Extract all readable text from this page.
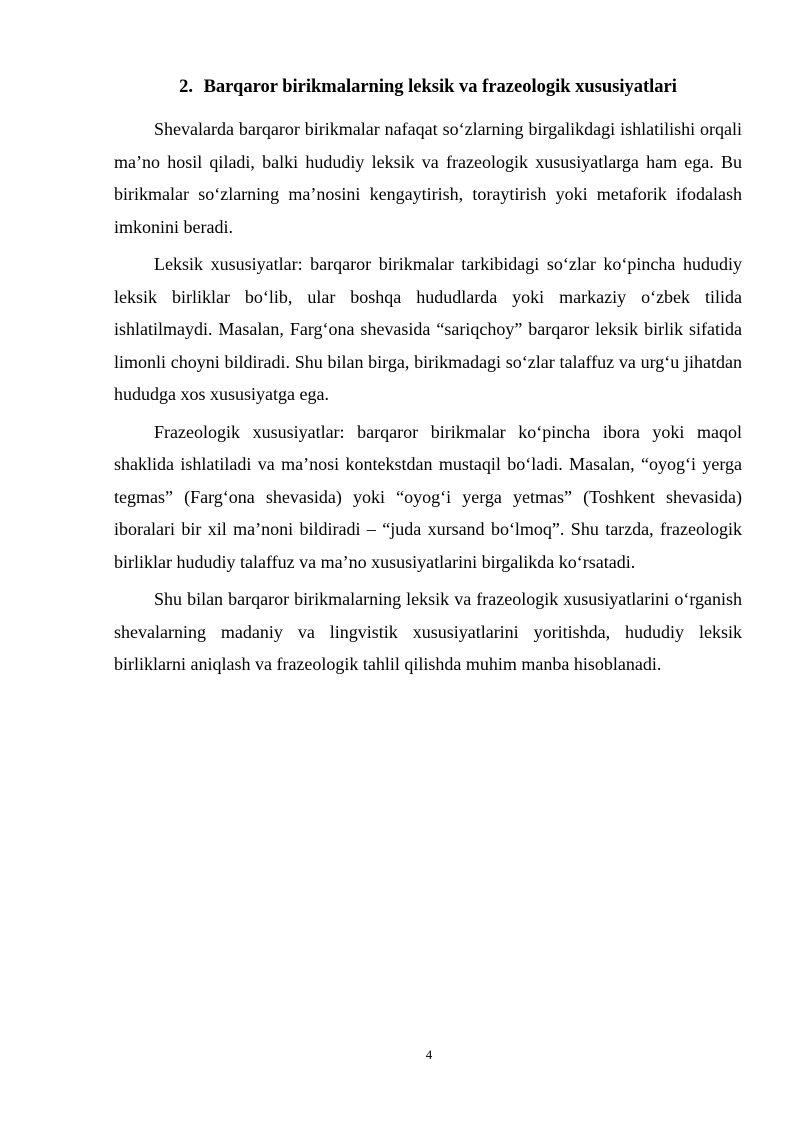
2. Barqaror birikmalarning leksik va frazeologik xususiyatlari

Shevalarda barqaror birikmalar nafaqat so‘zlarning birgalikdagi ishlatilishi orqali ma’no hosil qiladi, balki hududiy leksik va frazeologik xususiyatlarga ham ega. Bu birikmalar so‘zlarning ma’nosini kengaytirish, toraytirish yoki metaforik ifodalash imkonini beradi.

Leksik xususiyatlar: barqaror birikmalar tarkibidagi so‘zlar ko‘pincha hududiy leksik birliklar bo‘lib, ular boshqa hududlarda yoki markaziy o‘zbek tilida ishlatilmaydi. Masalan, Farg‘ona shevasida “sariqchoy” barqaror leksik birlik sifatida limonli choyni bildiradi. Shu bilan birga, birikmadagi so‘zlar talaffuz va urg‘u jihatdan hududga xos xususiyatga ega.

Frazeologik xususiyatlar: barqaror birikmalar ko‘pincha ibora yoki maqol shaklida ishlatiladi va ma’nosi kontekstdan mustaqil bo‘ladi. Masalan, “oyog‘i yerga tegmas” (Farg‘ona shevasida) yoki “oyog‘i yerga yetmas” (Toshkent shevasida) iboralari bir xil ma’noni bildiradi – “juda xursand bo‘lmoq”. Shu tarzda, frazeologik birliklar hududiy talaffuz va ma’no xususiyatlarini birgalikda ko‘rsatadi.

Shu bilan barqaror birikmalarning leksik va frazeologik xususiyatlarini o‘rganish shevalarning madaniy va lingvistik xususiyatlarini yoritishda, hududiy leksik birliklarni aniqlash va frazeologik tahlil qilishda muhim manba hisoblanadi.

4
